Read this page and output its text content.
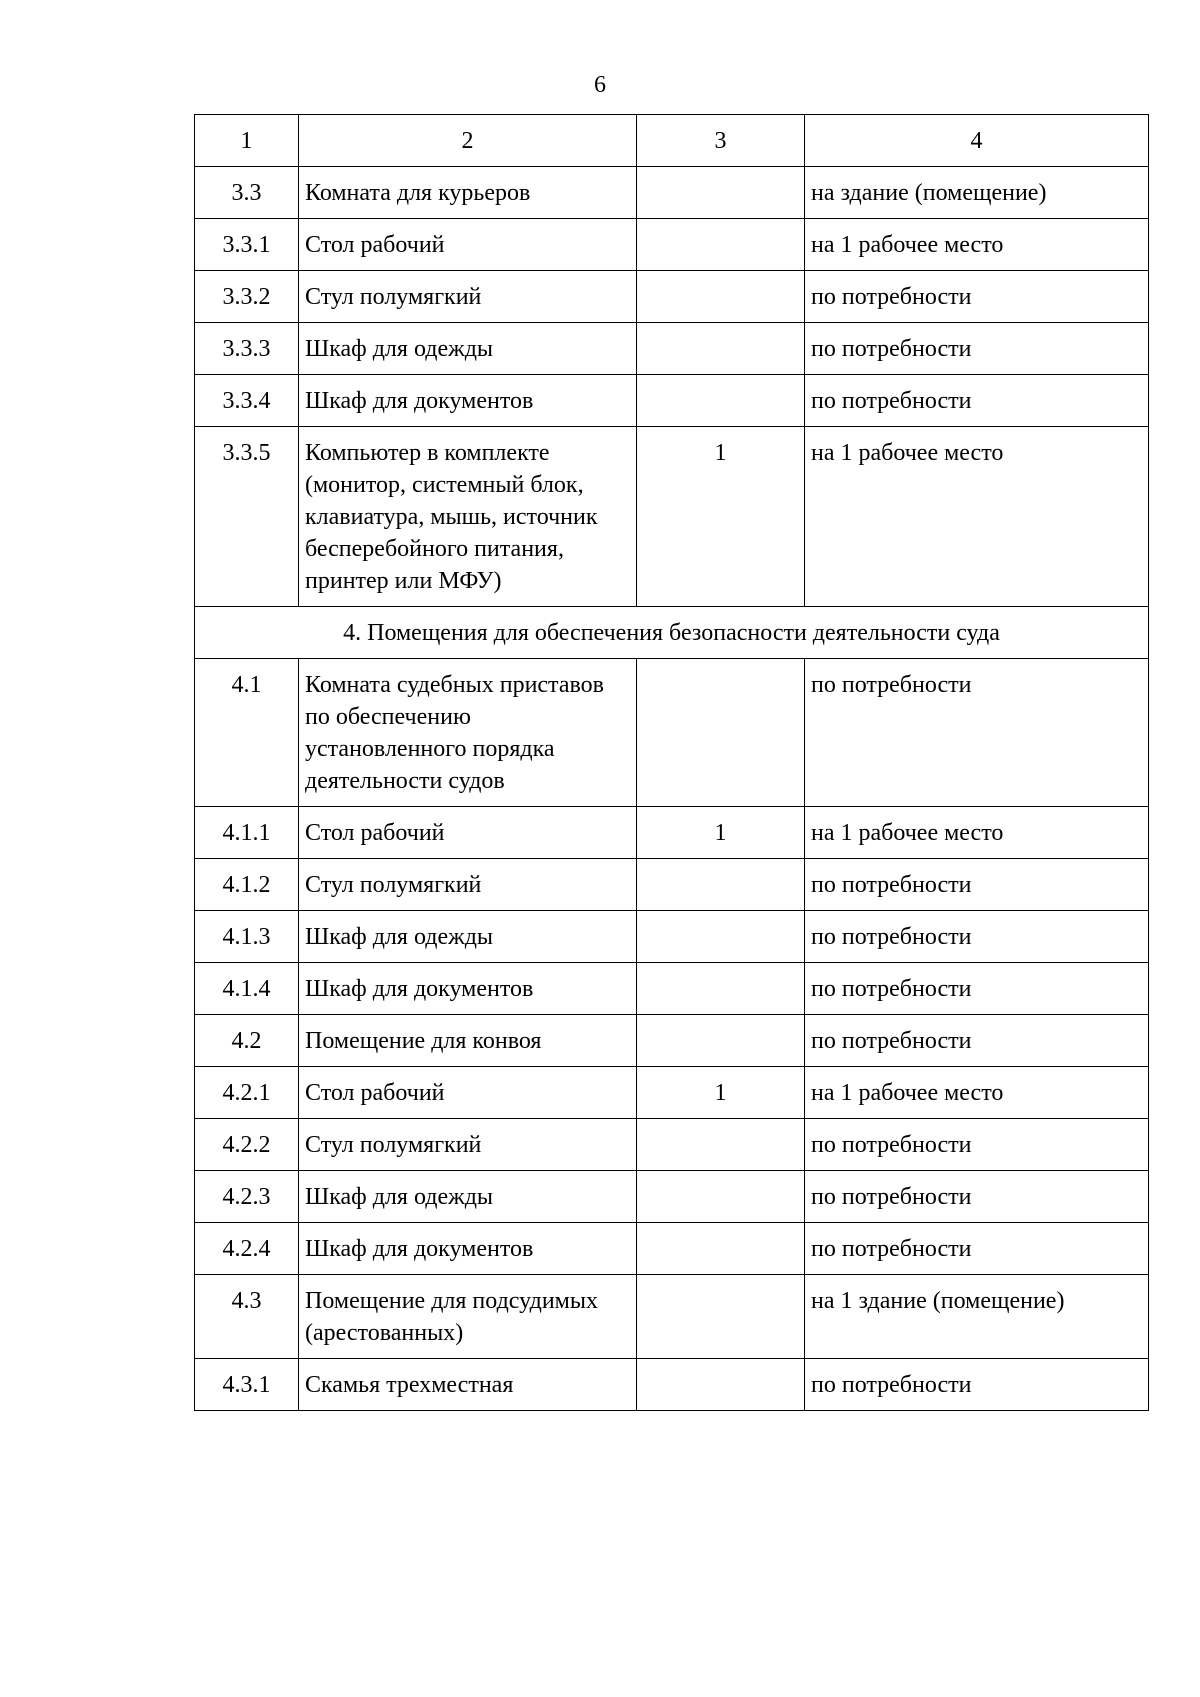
6
1	2	3	4
3.3	Комната для курьеров		на здание (помещение)
3.3.1	Стол рабочий		на 1 рабочее место
3.3.2	Стул полумягкий		по потребности
3.3.3	Шкаф для одежды		по потребности
3.3.4	Шкаф для документов		по потребности
3.3.5	Компьютер в комплекте (монитор, системный блок, клавиатура, мышь, источник бесперебойного питания, принтер или МФУ)	1	на 1 рабочее место
4. Помещения для обеспечения безопасности деятельности суда			
4.1	Комната судебных приставов по обеспечению установленного порядка деятельности судов		по потребности
4.1.1	Стол рабочий	1	на 1 рабочее место
4.1.2	Стул полумягкий		по потребности
4.1.3	Шкаф для одежды		по потребности
4.1.4	Шкаф для документов		по потребности
4.2	Помещение для конвоя		по потребности
4.2.1	Стол рабочий	1	на 1 рабочее место
4.2.2	Стул полумягкий		по потребности
4.2.3	Шкаф для одежды		по потребности
4.2.4	Шкаф для документов		по потребности
4.3	Помещение для подсудимых (арестованных)		на 1 здание (помещение)
4.3.1	Скамья трехместная		по потребности
